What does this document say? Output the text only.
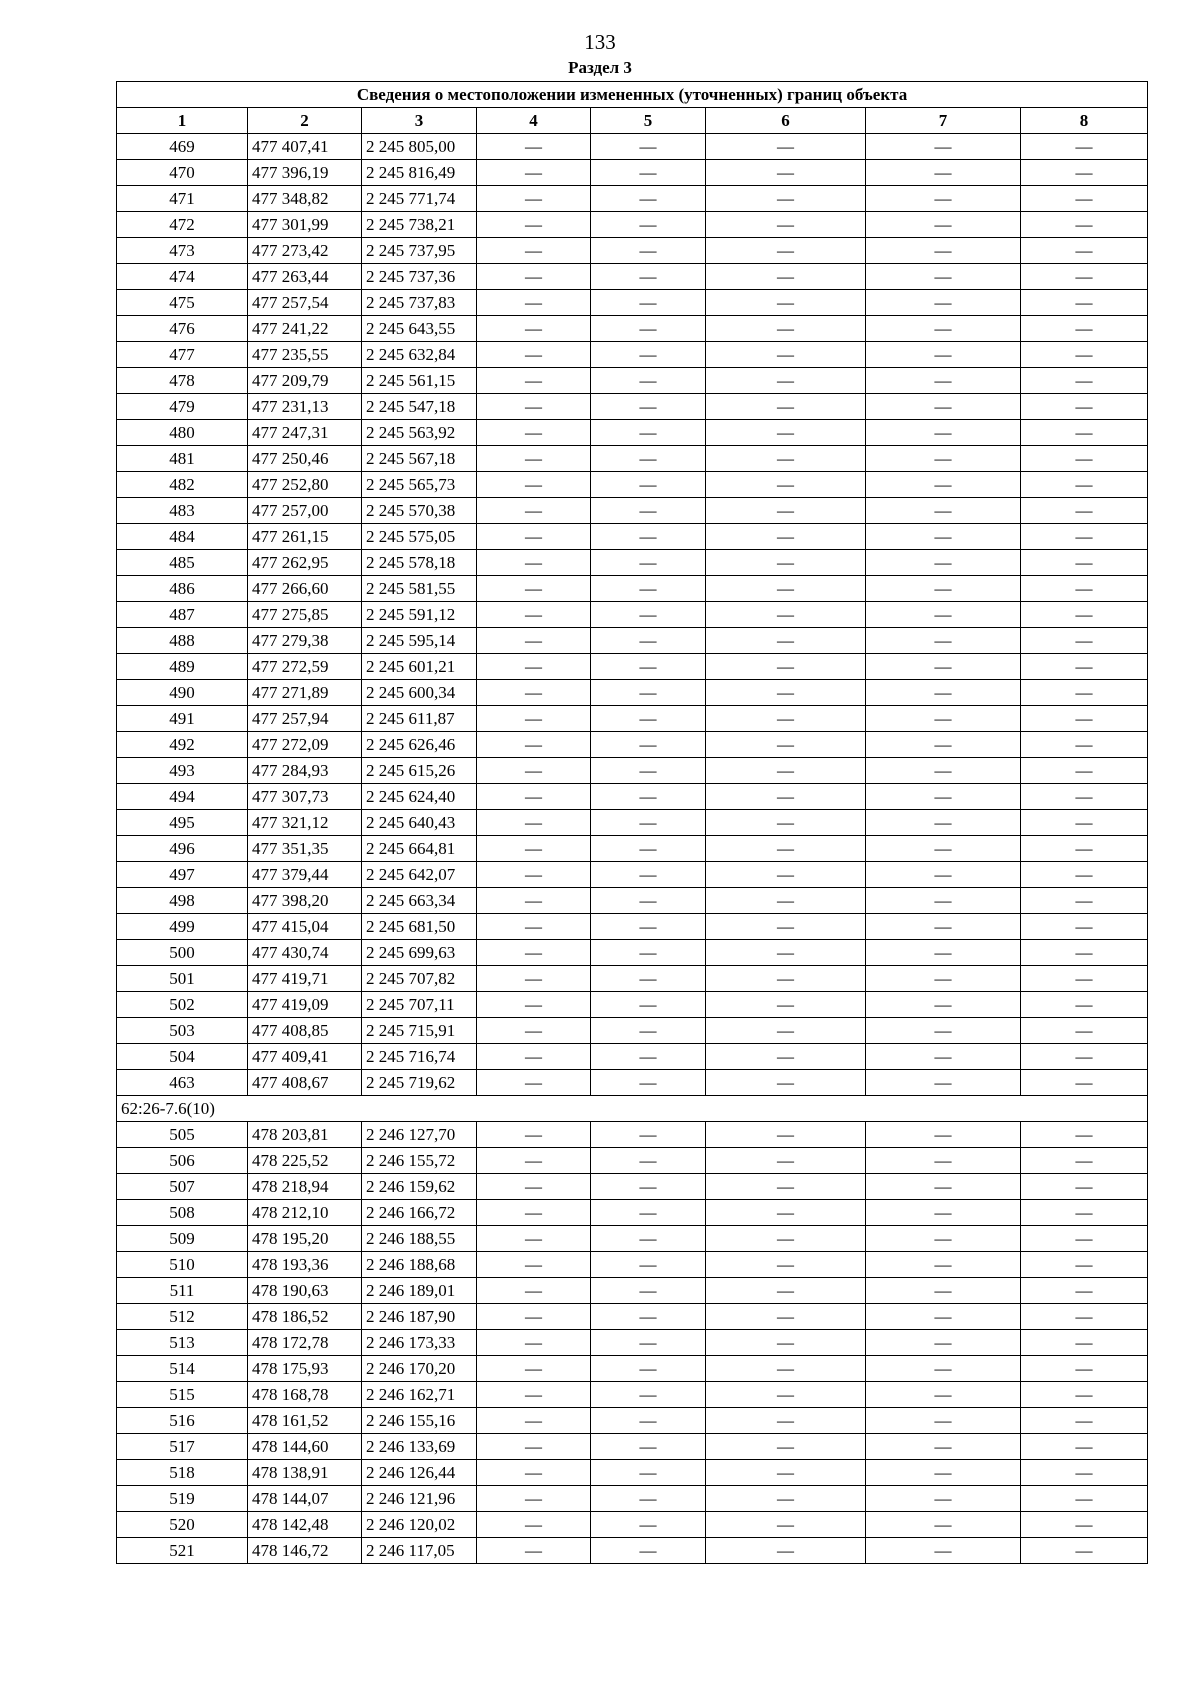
133
Раздел 3
Сведения о местоположении измененных (уточненных) границ объекта							
1	2	3	4	5	6	7	8
469	477 407,41	2 245 805,00	—	—	—	—	—
470	477 396,19	2 245 816,49	—	—	—	—	—
471	477 348,82	2 245 771,74	—	—	—	—	—
472	477 301,99	2 245 738,21	—	—	—	—	—
473	477 273,42	2 245 737,95	—	—	—	—	—
474	477 263,44	2 245 737,36	—	—	—	—	—
475	477 257,54	2 245 737,83	—	—	—	—	—
476	477 241,22	2 245 643,55	—	—	—	—	—
477	477 235,55	2 245 632,84	—	—	—	—	—
478	477 209,79	2 245 561,15	—	—	—	—	—
479	477 231,13	2 245 547,18	—	—	—	—	—
480	477 247,31	2 245 563,92	—	—	—	—	—
481	477 250,46	2 245 567,18	—	—	—	—	—
482	477 252,80	2 245 565,73	—	—	—	—	—
483	477 257,00	2 245 570,38	—	—	—	—	—
484	477 261,15	2 245 575,05	—	—	—	—	—
485	477 262,95	2 245 578,18	—	—	—	—	—
486	477 266,60	2 245 581,55	—	—	—	—	—
487	477 275,85	2 245 591,12	—	—	—	—	—
488	477 279,38	2 245 595,14	—	—	—	—	—
489	477 272,59	2 245 601,21	—	—	—	—	—
490	477 271,89	2 245 600,34	—	—	—	—	—
491	477 257,94	2 245 611,87	—	—	—	—	—
492	477 272,09	2 245 626,46	—	—	—	—	—
493	477 284,93	2 245 615,26	—	—	—	—	—
494	477 307,73	2 245 624,40	—	—	—	—	—
495	477 321,12	2 245 640,43	—	—	—	—	—
496	477 351,35	2 245 664,81	—	—	—	—	—
497	477 379,44	2 245 642,07	—	—	—	—	—
498	477 398,20	2 245 663,34	—	—	—	—	—
499	477 415,04	2 245 681,50	—	—	—	—	—
500	477 430,74	2 245 699,63	—	—	—	—	—
501	477 419,71	2 245 707,82	—	—	—	—	—
502	477 419,09	2 245 707,11	—	—	—	—	—
503	477 408,85	2 245 715,91	—	—	—	—	—
504	477 409,41	2 245 716,74	—	—	—	—	—
463	477 408,67	2 245 719,62	—	—	—	—	—
62:26-7.6(10)							
505	478 203,81	2 246 127,70	—	—	—	—	—
506	478 225,52	2 246 155,72	—	—	—	—	—
507	478 218,94	2 246 159,62	—	—	—	—	—
508	478 212,10	2 246 166,72	—	—	—	—	—
509	478 195,20	2 246 188,55	—	—	—	—	—
510	478 193,36	2 246 188,68	—	—	—	—	—
511	478 190,63	2 246 189,01	—	—	—	—	—
512	478 186,52	2 246 187,90	—	—	—	—	—
513	478 172,78	2 246 173,33	—	—	—	—	—
514	478 175,93	2 246 170,20	—	—	—	—	—
515	478 168,78	2 246 162,71	—	—	—	—	—
516	478 161,52	2 246 155,16	—	—	—	—	—
517	478 144,60	2 246 133,69	—	—	—	—	—
518	478 138,91	2 246 126,44	—	—	—	—	—
519	478 144,07	2 246 121,96	—	—	—	—	—
520	478 142,48	2 246 120,02	—	—	—	—	—
521	478 146,72	2 246 117,05	—	—	—	—	—
